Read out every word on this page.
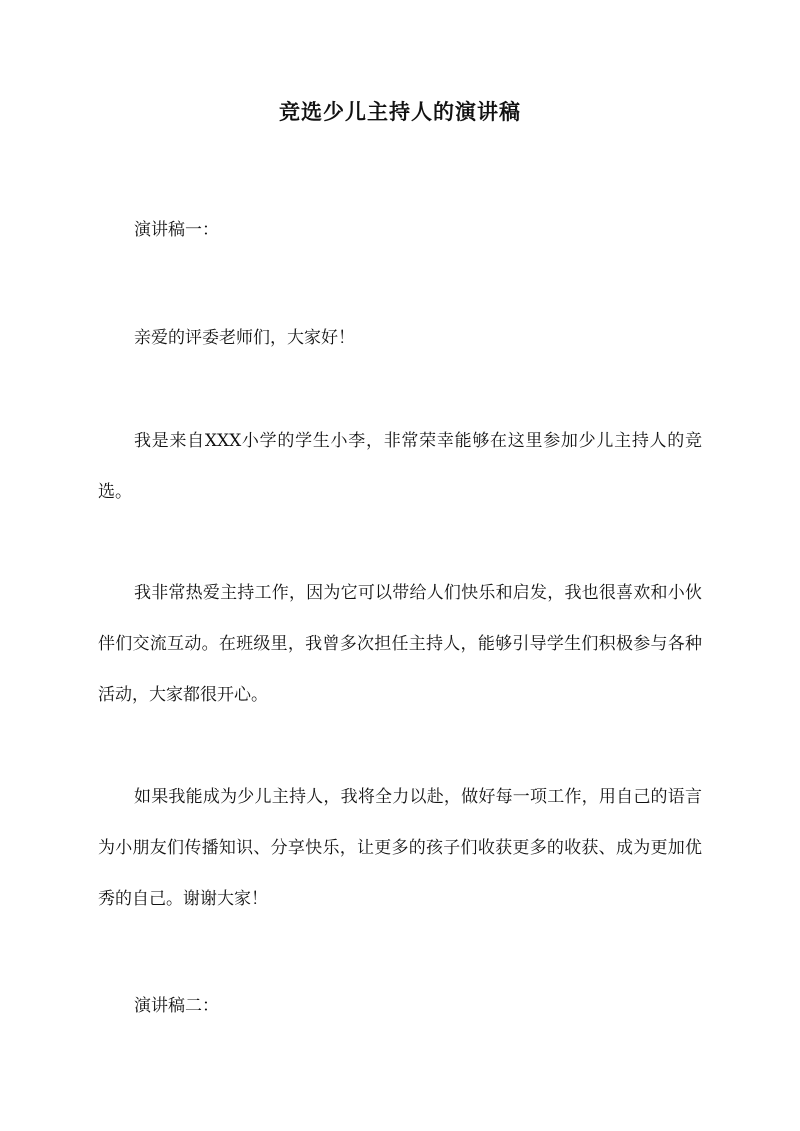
竞选少儿主持人的演讲稿

演讲稿一：

亲爱的评委老师们，大家好！

我是来自XXX小学的学生小李，非常荣幸能够在这里参加少儿主持人的竞选。

我非常热爱主持工作，因为它可以带给人们快乐和启发，我也很喜欢和小伙伴们交流互动。在班级里，我曾多次担任主持人，能够引导学生们积极参与各种活动，大家都很开心。

如果我能成为少儿主持人，我将全力以赴，做好每一项工作，用自己的语言为小朋友们传播知识、分享快乐，让更多的孩子们收获更多的收获、成为更加优秀的自己。谢谢大家！

演讲稿二：
